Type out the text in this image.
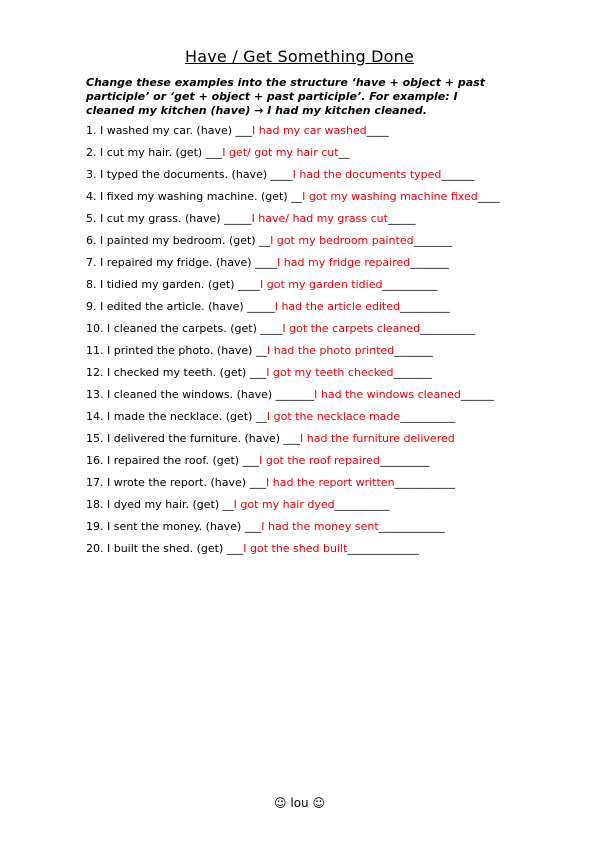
Have / Get Something Done
Change these examples into the structure ‘have + object + past participle’ or ‘get + object + past participle’. For example: I cleaned my kitchen (have) → I had my kitchen cleaned.
1. I washed my car. (have) ___I had my car washed____
2. I cut my hair. (get) ___I get/ got my hair cut__
3. I typed the documents. (have) ____I had the documents typed______
4. I fixed my washing machine. (get) __I got my washing machine fixed____
5. I cut my grass. (have) _____I have/ had my grass cut_____
6. I painted my bedroom. (get) __I got my bedroom painted_______
7. I repaired my fridge. (have) ____I had my fridge repaired_______
8. I tidied my garden. (get) ____I got my garden tidied__________
9. I edited the article. (have) _____I had the article edited_________
10. I cleaned the carpets. (get) ____I got the carpets cleaned__________
11. I printed the photo. (have) __I had the photo printed_______
12. I checked my teeth. (get) ___I got my teeth checked_______
13. I cleaned the windows. (have) _______I had the windows cleaned______
14. I made the necklace. (get) __I got the necklace made__________
15. I delivered the furniture. (have) ___I had the furniture delivered
16. I repaired the roof. (get) ___I got the roof repaired_________
17. I wrote the report. (have) ___I had the report written___________
18. I dyed my hair. (get) __I got my hair dyed__________
19. I sent the money. (have) ___I had the money sent____________
20. I built the shed. (get) ___I got the shed built_____________
☺ lou ☺
